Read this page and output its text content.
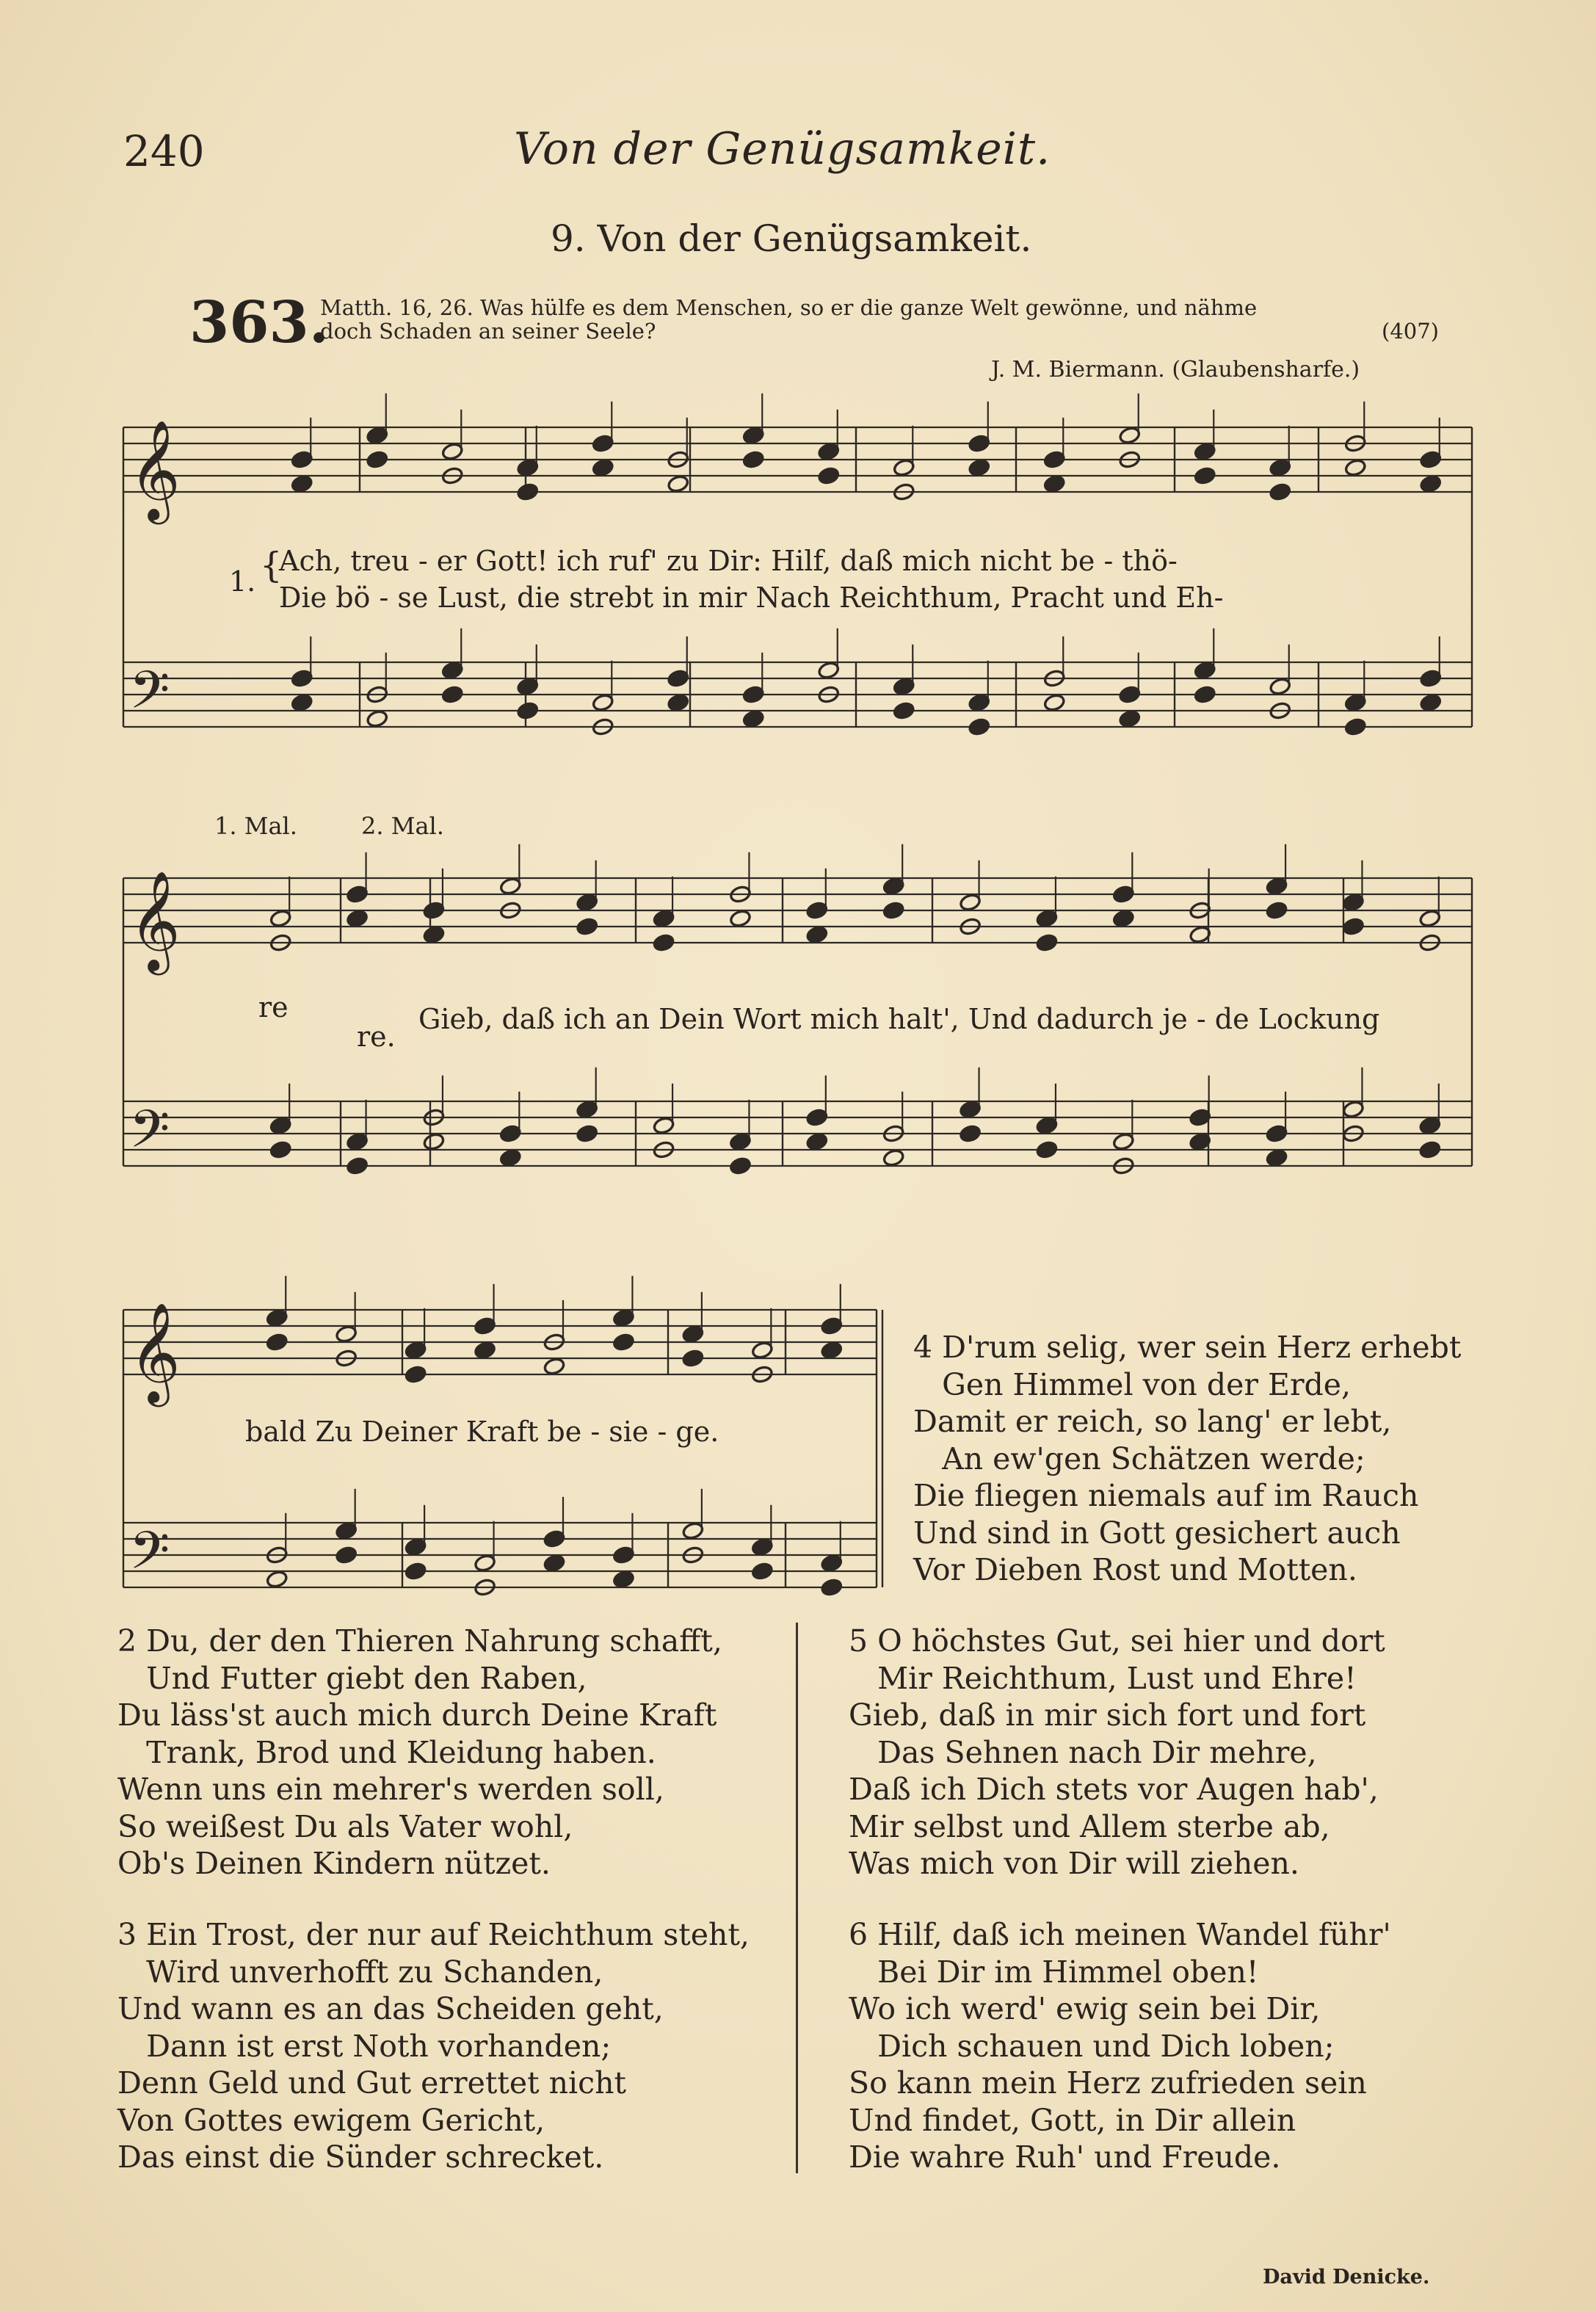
240	Von der Genügsamkeit.
9. Von der Genügsamkeit.
363.
Matth. 16, 26. Was hülfe es dem Menschen, so er die ganze Welt gewönne, und nähme
doch Schaden an seiner Seele?	(407)
J. M. Biermann. (Glaubensharfe.)
𝄞
𝄢
𝄞
𝄢
𝄞
𝄢
1. {
Ach, treu - er Gott! ich ruf' zu Dir: Hilf, daß mich nicht be - thö-
Die bö - se Lust, die strebt in mir Nach Reichthum, Pracht und Eh-
1. Mal.	2. Mal.
re
re.
Gieb, daß ich an Dein Wort mich halt', Und dadurch je - de Lockung
bald Zu Deiner Kraft be - sie - ge.
4 D'rum selig, wer sein Herz erhebt
Gen Himmel von der Erde,
Damit er reich, so lang' er lebt,
An ew'gen Schätzen werde;
Die fliegen niemals auf im Rauch
Und sind in Gott gesichert auch
Vor Dieben Rost und Motten.
2 Du, der den Thieren Nahrung schafft,
Und Futter giebt den Raben,
Du läss'st auch mich durch Deine Kraft
Trank, Brod und Kleidung haben.
Wenn uns ein mehrer's werden soll,
So weißest Du als Vater wohl,
Ob's Deinen Kindern nützet.
3 Ein Trost, der nur auf Reichthum steht,
Wird unverhofft zu Schanden,
Und wann es an das Scheiden geht,
Dann ist erst Noth vorhanden;
Denn Geld und Gut errettet nicht
Von Gottes ewigem Gericht,
Das einst die Sünder schrecket.
5 O höchstes Gut, sei hier und dort
Mir Reichthum, Lust und Ehre!
Gieb, daß in mir sich fort und fort
Das Sehnen nach Dir mehre,
Daß ich Dich stets vor Augen hab',
Mir selbst und Allem sterbe ab,
Was mich von Dir will ziehen.
6 Hilf, daß ich meinen Wandel führ'
Bei Dir im Himmel oben!
Wo ich werd' ewig sein bei Dir,
Dich schauen und Dich loben;
So kann mein Herz zufrieden sein
Und findet, Gott, in Dir allein
Die wahre Ruh' und Freude.
David Denicke.
